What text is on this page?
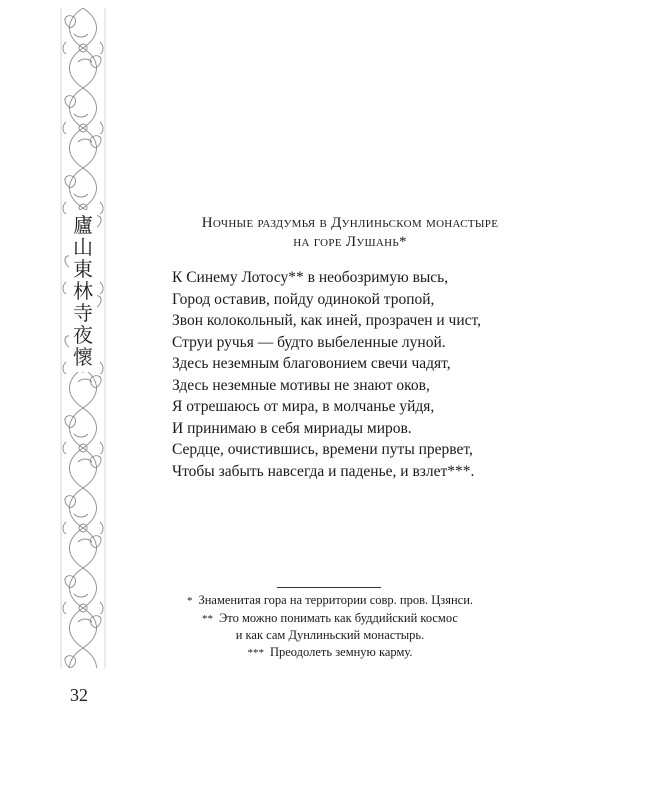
廬
山
東
林
寺
夜
懷
32
Ночные раздумья в Дунлиньском монастыре
на горе Лушань*
К Синему Лотосу** в необозримую высь,
Город оставив, пойду одинокой тропой,
Звон колокольный, как иней, прозрачен и чист,
Струи ручья — будто выбеленные луной.
Здесь неземным благовонием свечи чадят,
Здесь неземные мотивы не знают оков,
Я отрешаюсь от мира, в молчанье уйдя,
И принимаю в себя мириады миров.
Сердце, очистившись, времени путы прервет,
Чтобы забыть навсегда и паденье, и взлет***.
* Знаменитая гора на территории совр. пров. Цзянси.
** Это можно понимать как буддийский космос
и как сам Дунлиньский монастырь.
*** Преодолеть земную карму.
